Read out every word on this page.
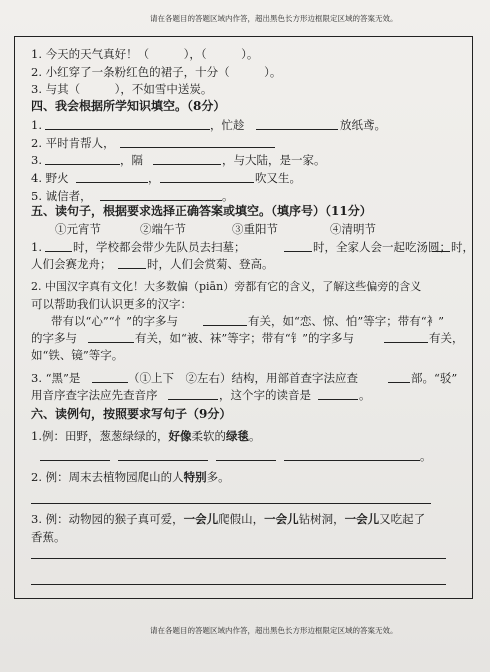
请在各题目的答题区域内作答，超出黑色长方形边框限定区域的答案无效。
1. 今天的天气真好！（　　　），（　　　）。
2. 小红穿了一条粉红色的裙子，十分（　　　）。
3. 与其（　　　），不如雪中送炭。
四、我会根据所学知识填空。（8分）
1.	，忙趁	放纸鸢。
2. 平时肯帮人，
3.	，隔	，与大陆，是一家。
4. 野火	，	吹又生。
5. 诚信者，	。
五、读句子，根据要求选择正确答案或填空。（填序号）（11分）
①元宵节	②端午节	③重阳节	④清明节
1.	时，学校都会带少先队员去扫墓；	时，全家人会一起吃汤圆； 时，
人们会赛龙舟；	时，人们会赏菊、登高。
2. 中国汉字真有文化！大多数偏（piān）旁都有它的含义，了解这些偏旁的含义
可以帮助我们认识更多的汉字：
带有以“心”“忄”的字多与	有关，如“恋、惊、怕”等字；带有“衤”
的字多与	有关，如“被、袜”等字；带有“钅”的字多与	有关，
如“铁、镜”等字。
3. “黑”是	（①上下　②左右）结构，用部首查字法应查	部。“驳”
用音序查字法应先查音序	，这个字的读音是	。
六、读例句，按照要求写句子（9分）
1.例：田野，葱葱绿绿的，好像柔软的绿毯。
。
2. 例：周末去植物园爬山的人特别多。
3. 例：动物园的猴子真可爱，一会儿爬假山，一会儿钻树洞，一会儿又吃起了
香蕉。
请在各题目的答题区域内作答，超出黑色长方形边框限定区域的答案无效。
